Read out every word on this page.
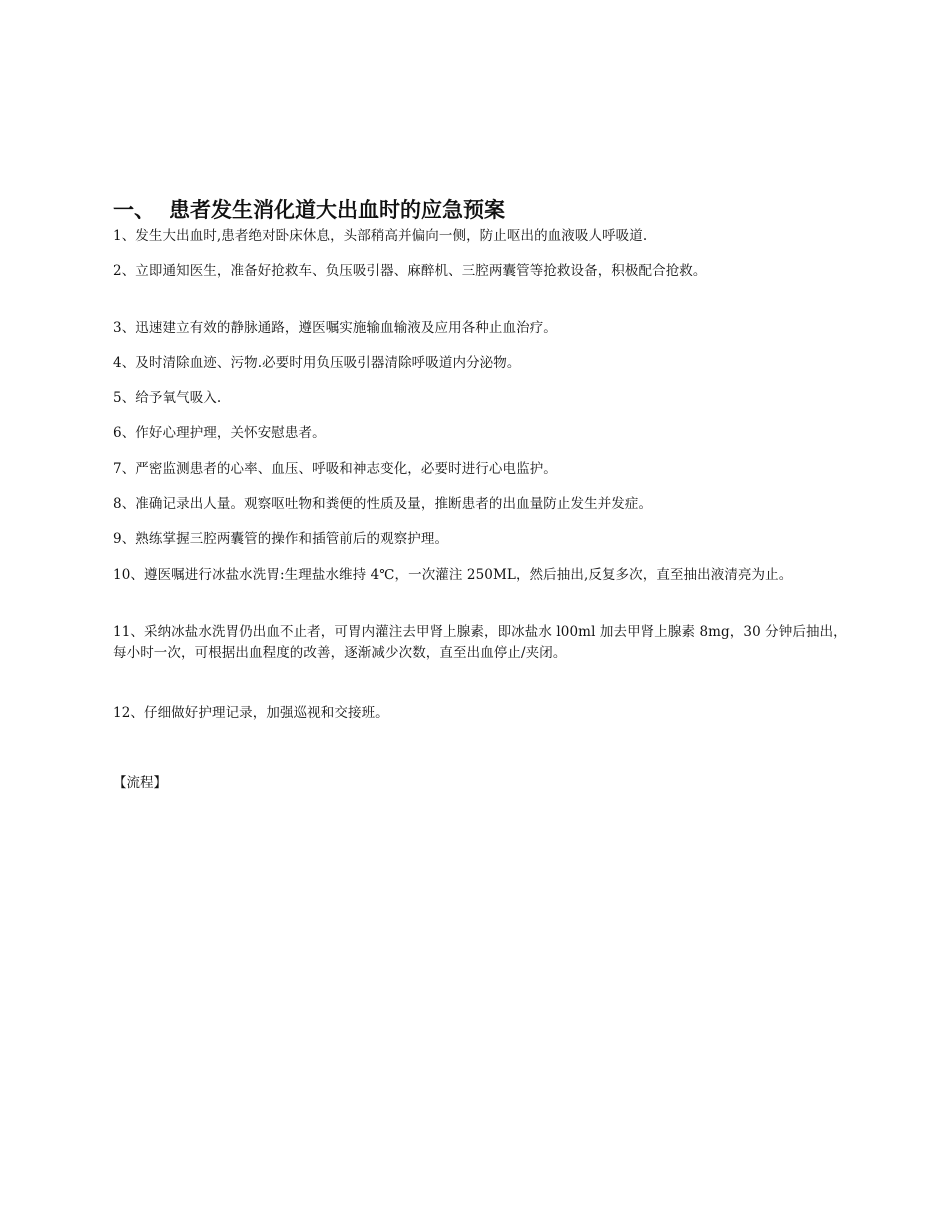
一、 患者发生消化道大出血时的应急预案
1、发生大出血时,患者绝对卧床休息，头部稍高并偏向一侧，防止呕出的血液吸人呼吸道.
2、立即通知医生，准备好抢救车、负压吸引器、麻醉机、三腔两囊管等抢救设备，积极配合抢救。
3、迅速建立有效的静脉通路，遵医嘱实施输血输液及应用各种止血治疗。
4、及时清除血迹、污物.必要时用负压吸引器清除呼吸道内分泌物。
5、给予氧气吸入.
6、作好心理护理，关怀安慰患者。
7、严密监测患者的心率、血压、呼吸和神志变化，必要时进行心电监护。
8、准确记录出人量。观察呕吐物和粪便的性质及量，推断患者的出血量防止发生并发症。
9、熟练掌握三腔两囊管的操作和插管前后的观察护理。
10、遵医嘱进行冰盐水洗胃:生理盐水维持 4℃，一次灌注 250ML，然后抽出,反复多次，直至抽出液清亮为止。
11、采纳冰盐水洗胃仍出血不止者，可胃内灌注去甲肾上腺素，即冰盐水 l00ml 加去甲肾上腺素 8mg，30 分钟后抽出，每小时一次，可根据出血程度的改善，逐渐减少次数，直至出血停止/夹闭。
12、仔细做好护理记录，加强巡视和交接班。
【流程】
